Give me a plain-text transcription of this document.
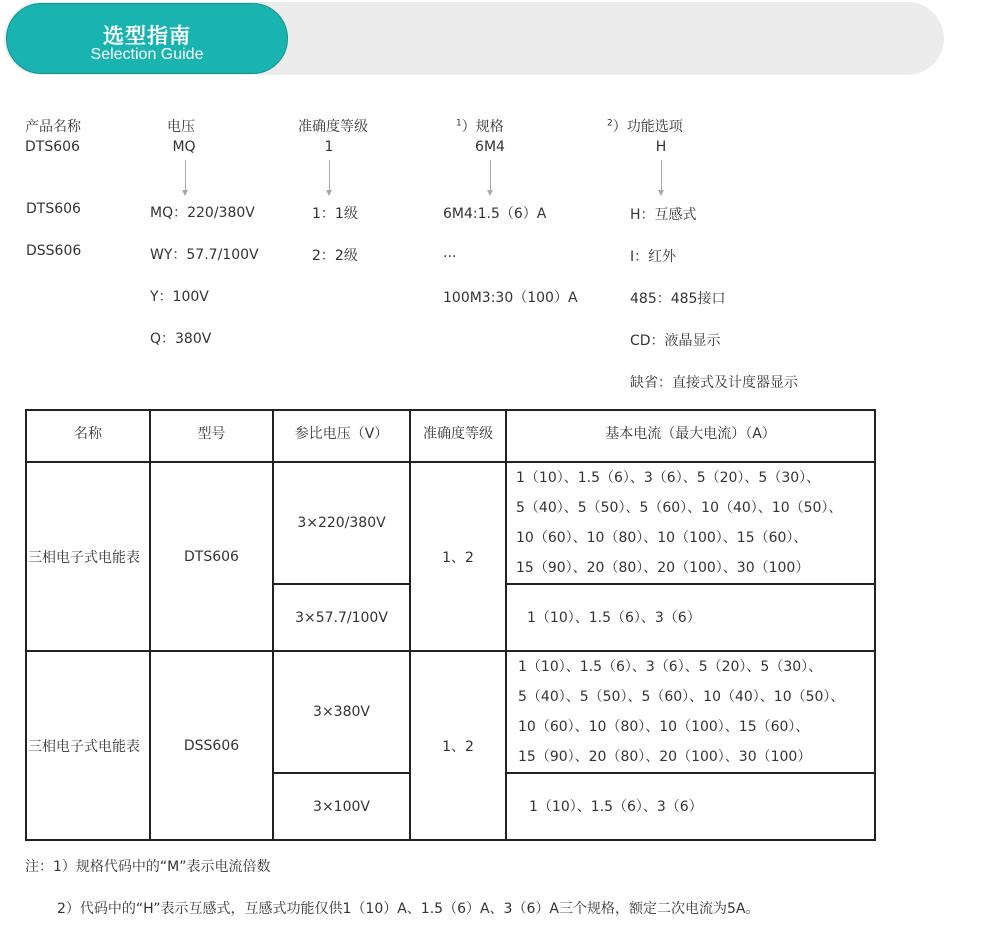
选型指南
Selection Guide
产品名称	电压	准确度等级	$^1$）规格	$^2$）功能选项
DTS606	MQ	1	6M4	H
DTS606
DSS606
MQ：220/380V
WY：57.7/100V
Y：100V
Q：380V
1：1级
2：2级
6M4:1.5（6）A
...
100M3:30（100）A
H：互感式
I：红外
485：485接口
CD：液晶显示
缺省：直接式及计度器显示
名称	型号	参比电压（V）	准确度等级	基本电流（最大电流）（A）
三相电子式电能表	DTS606	3×220/380V	1、2	1（10）、1.5（6）、3（6）、5（20）、5（30）、
5（40）、5（50）、5（60）、10（40）、10（50）、
10（60）、10（80）、10（100）、15（60）、
15（90）、20（80）、20（100）、30（100）

		3×57.7/100V		1（10）、1.5（6）、3（6）
三相电子式电能表	DSS606	3×380V	1、2	1（10）、1.5（6）、3（6）、5（20）、5（30）、
5（40）、5（50）、5（60）、10（40）、10（50）、
10（60）、10（80）、10（100）、15（60）、
15（90）、20（80）、20（100）、30（100）

		3×100V		1（10）、1.5（6）、3（6）
注：1）规格代码中的“M”表示电流倍数
2）代码中的“H”表示互感式，互感式功能仅供1（10）A、1.5（6）A、3（6）A三个规格，额定二次电流为5A。
